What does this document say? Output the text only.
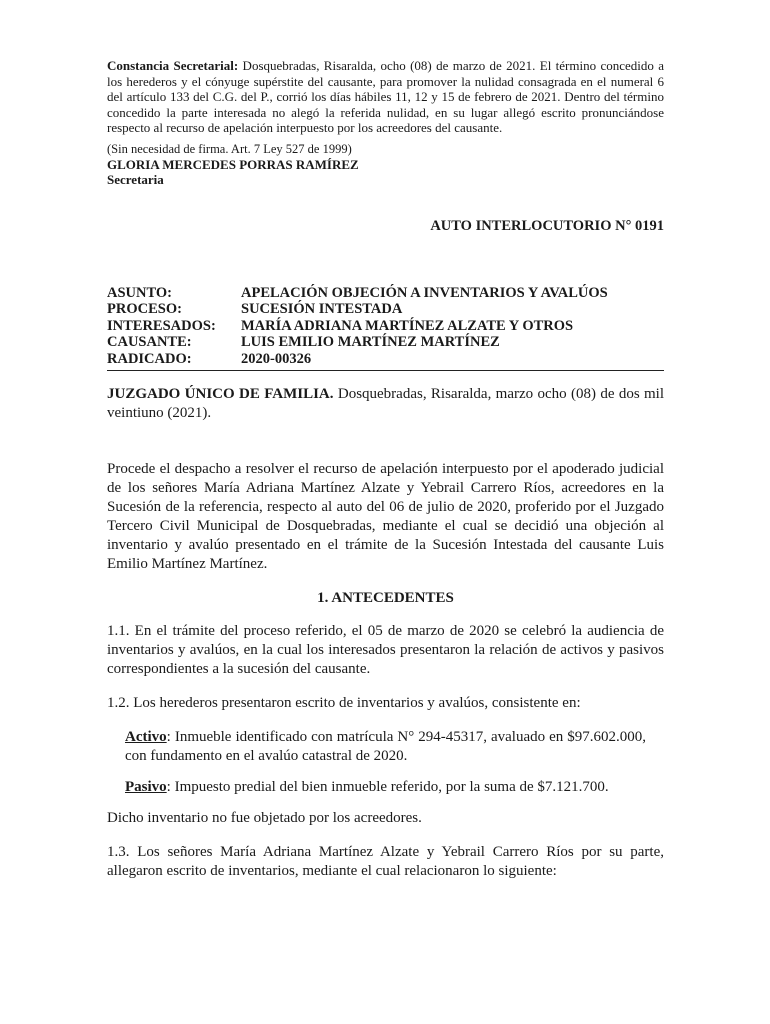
Constancia Secretarial: Dosquebradas, Risaralda, ocho (08) de marzo de 2021. El término concedido a los herederos y el cónyuge supérstite del causante, para promover la nulidad consagrada en el numeral 6 del artículo 133 del C.G. del P., corrió los días hábiles 11, 12 y 15 de febrero de 2021. Dentro del término concedido la parte interesada no alegó la referida nulidad, en su lugar allegó escrito pronunciándose respecto al recurso de apelación interpuesto por los acreedores del causante.
(Sin necesidad de firma. Art. 7 Ley 527 de 1999)
GLORIA MERCEDES PORRAS RAMÍREZ
Secretaria
AUTO INTERLOCUTORIO N° 0191
ASUNTO:	APELACIÓN OBJECIÓN A INVENTARIOS Y AVALÚOS
PROCESO:	SUCESIÓN INTESTADA
INTERESADOS:	MARÍA ADRIANA MARTÍNEZ ALZATE Y OTROS
CAUSANTE:	LUIS EMILIO MARTÍNEZ MARTÍNEZ
RADICADO:	2020-00326
JUZGADO ÚNICO DE FAMILIA. Dosquebradas, Risaralda, marzo ocho (08) de dos mil veintiuno (2021).
Procede el despacho a resolver el recurso de apelación interpuesto por el apoderado judicial de los señores María Adriana Martínez Alzate y Yebrail Carrero Ríos, acreedores en la Sucesión de la referencia, respecto al auto del 06 de julio de 2020, proferido por el Juzgado Tercero Civil Municipal de Dosquebradas, mediante el cual se decidió una objeción al inventario y avalúo presentado en el trámite de la Sucesión Intestada del causante Luis Emilio Martínez Martínez.
1. ANTECEDENTES
1.1. En el trámite del proceso referido, el 05 de marzo de 2020 se celebró la audiencia de inventarios y avalúos, en la cual los interesados presentaron la relación de activos y pasivos correspondientes a la sucesión del causante.
1.2. Los herederos presentaron escrito de inventarios y avalúos, consistente en:
Activo: Inmueble identificado con matrícula N° 294-45317, avaluado en $97.602.000, con fundamento en el avalúo catastral de 2020.
Pasivo: Impuesto predial del bien inmueble referido, por la suma de $7.121.700.
Dicho inventario no fue objetado por los acreedores.
1.3. Los señores María Adriana Martínez Alzate y Yebrail Carrero Ríos por su parte, allegaron escrito de inventarios, mediante el cual relacionaron lo siguiente:
